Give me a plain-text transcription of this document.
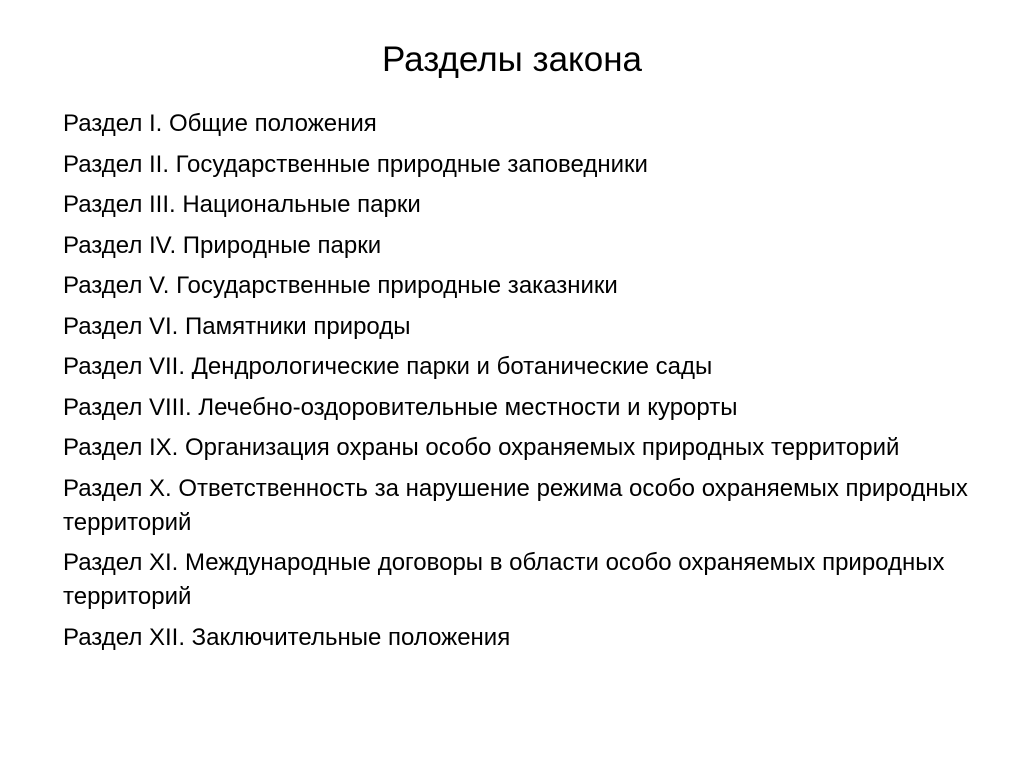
Разделы закона
Раздел I. Общие положения
Раздел II. Государственные природные заповедники
Раздел III. Национальные парки
Раздел IV. Природные парки
Раздел V. Государственные природные заказники
Раздел VI. Памятники природы
Раздел VII. Дендрологические парки и ботанические сады
Раздел VIII. Лечебно-оздоровительные местности и курорты
Раздел IX. Организация охраны особо охраняемых природных территорий
Раздел X. Ответственность за нарушение режима особо охраняемых природных территорий
Раздел XI. Международные договоры в области особо охраняемых природных территорий
Раздел XII. Заключительные положения
